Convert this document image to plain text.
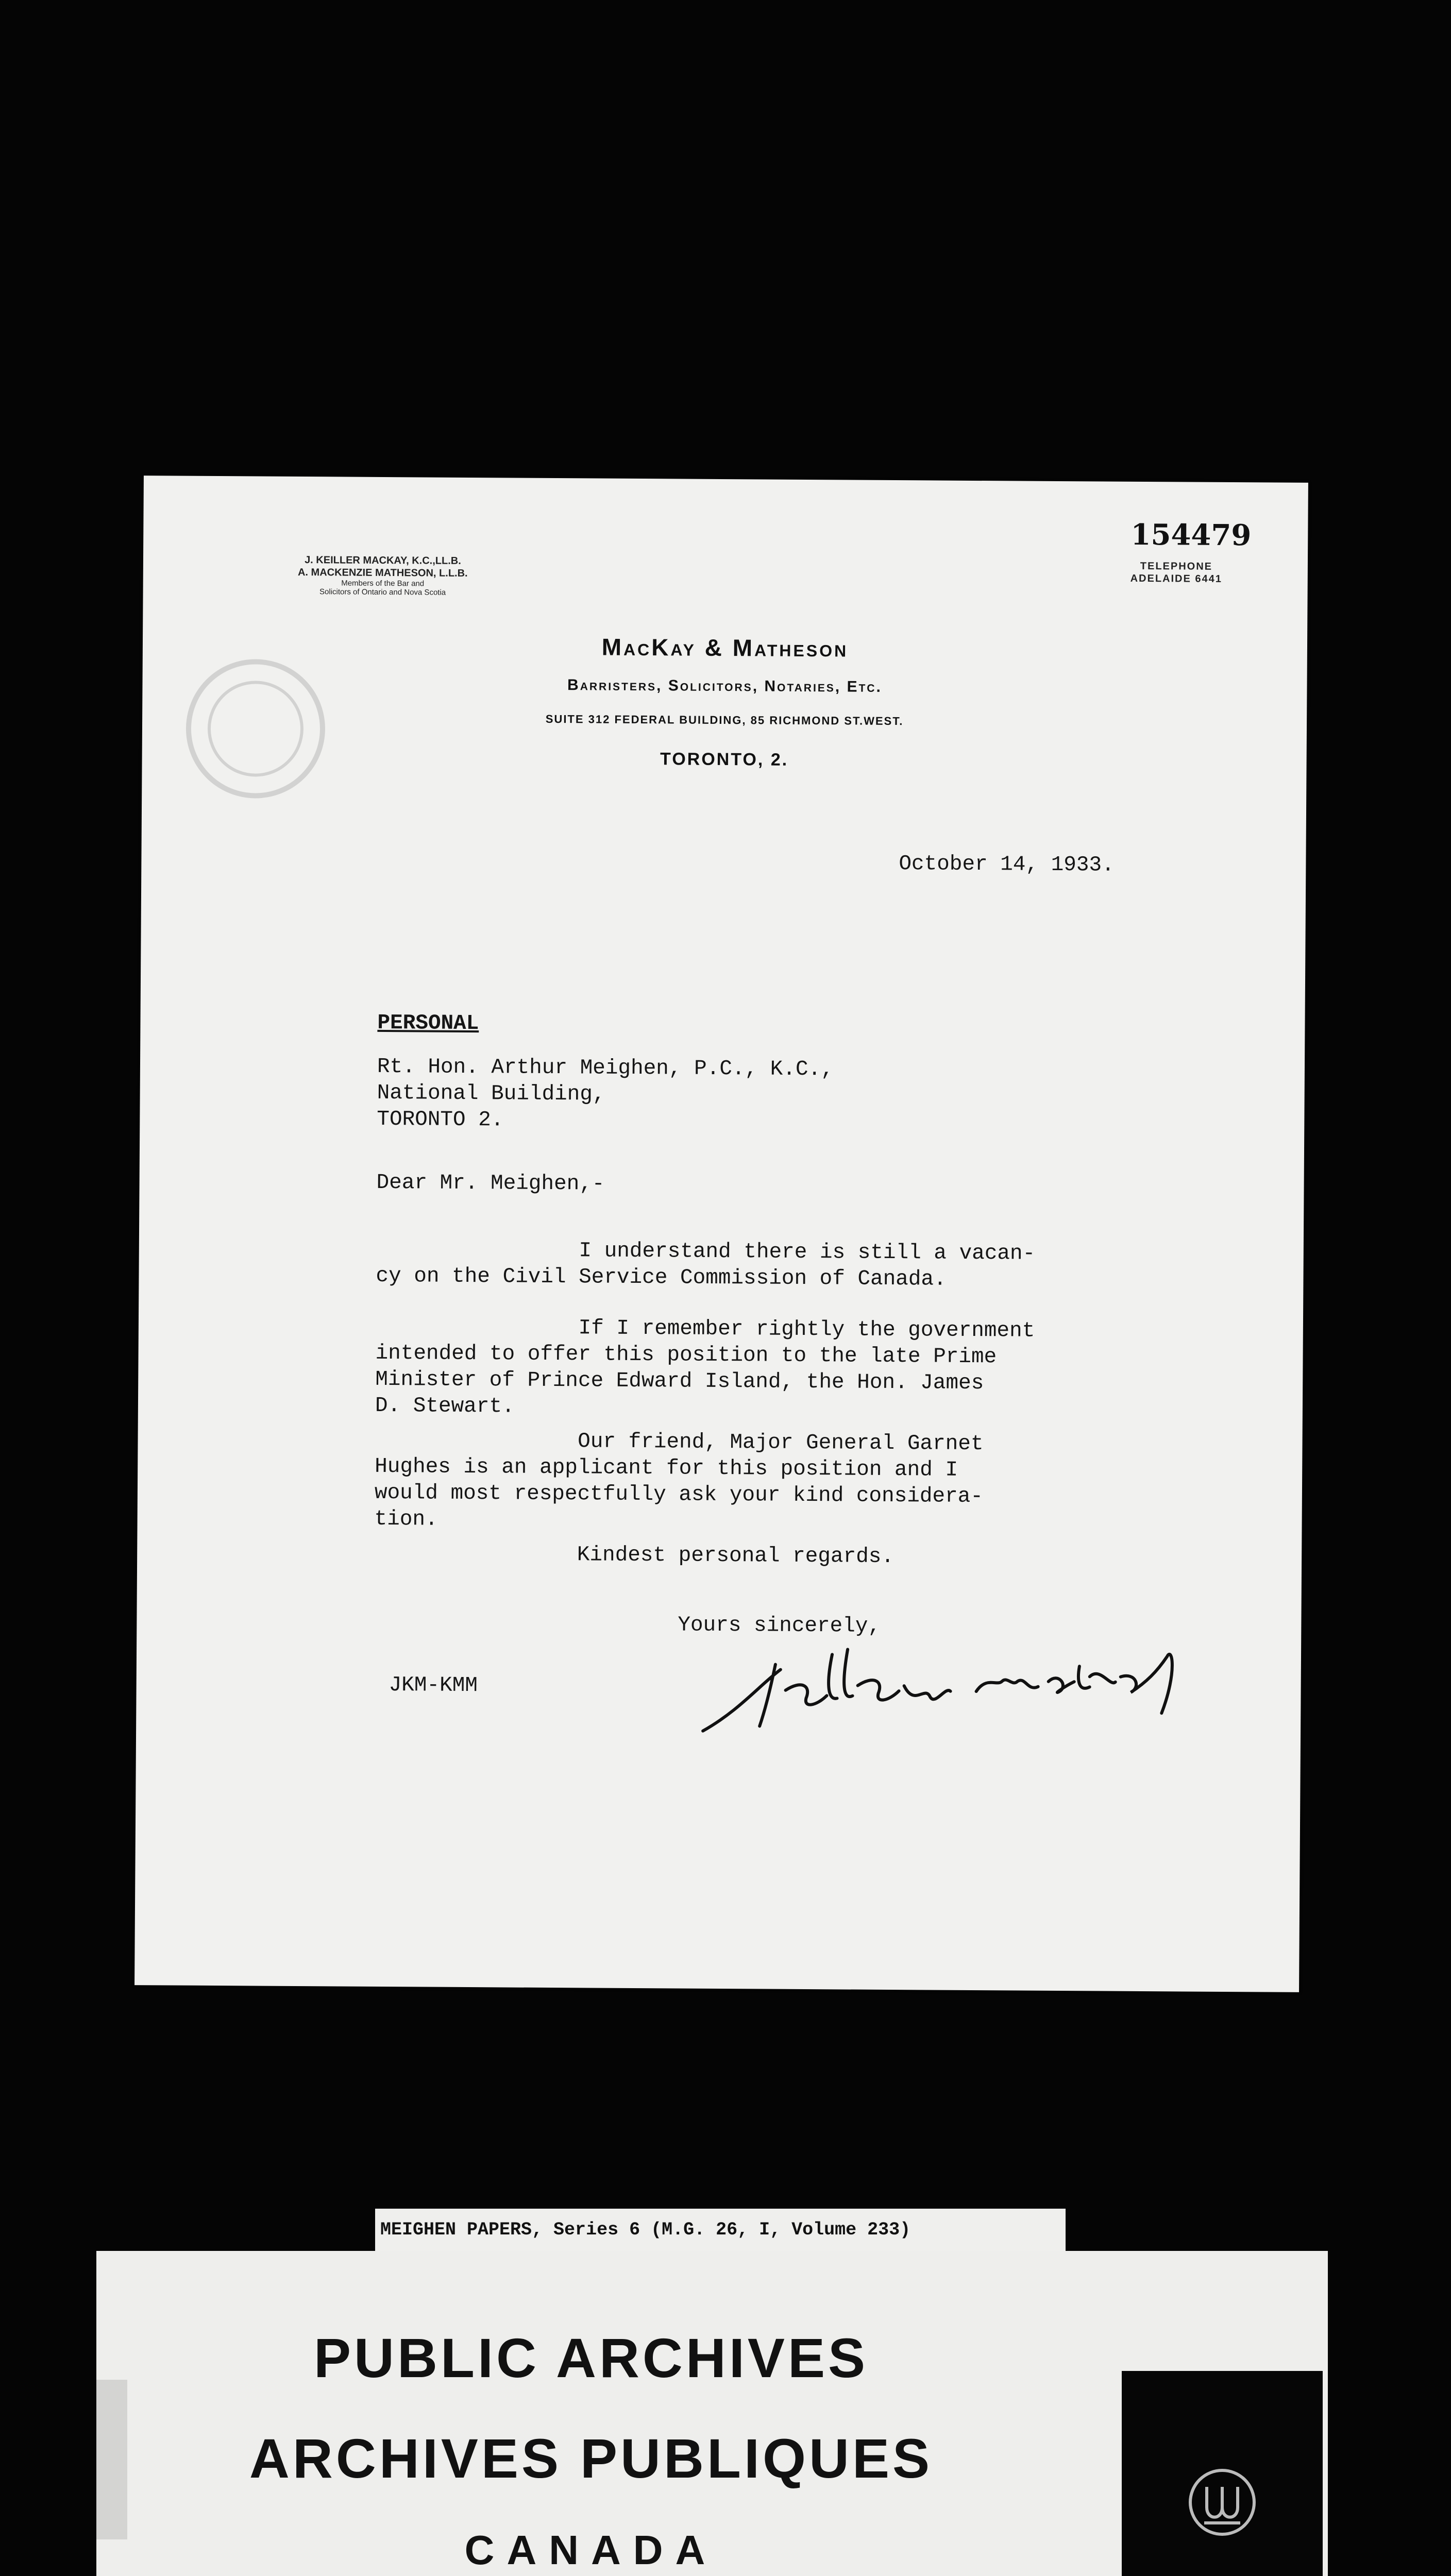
J. KEILLER MACKAY, K.C.,LL.B.
A. MACKENZIE MATHESON, L.L.B.
Members of the Bar and
Solicitors of Ontario and Nova Scotia
154479
TELEPHONE
ADELAIDE 6441
MacKay & Matheson
Barristers, Solicitors, Notaries, Etc.
SUITE 312 FEDERAL BUILDING, 85 RICHMOND ST.WEST.
TORONTO, 2.
October 14, 1933.
PERSONAL
Rt. Hon. Arthur Meighen, P.C., K.C.,
National Building,
TORONTO 2.
Dear Mr. Meighen,-
I understand there is still a vacan-
cy on the Civil Service Commission of Canada.
If I remember rightly the government
intended to offer this position to the late Prime
Minister of Prince Edward Island, the Hon. James
D. Stewart.
Our friend, Major General Garnet
Hughes is an applicant for this position and I
would most respectfully ask your kind considera-
tion.
Kindest personal regards.
Yours sincerely,
JKM-KMM
MEIGHEN PAPERS, Series 6 (M.G. 26, I, Volume 233)
PUBLIC ARCHIVES
ARCHIVES PUBLIQUES
CANADA
